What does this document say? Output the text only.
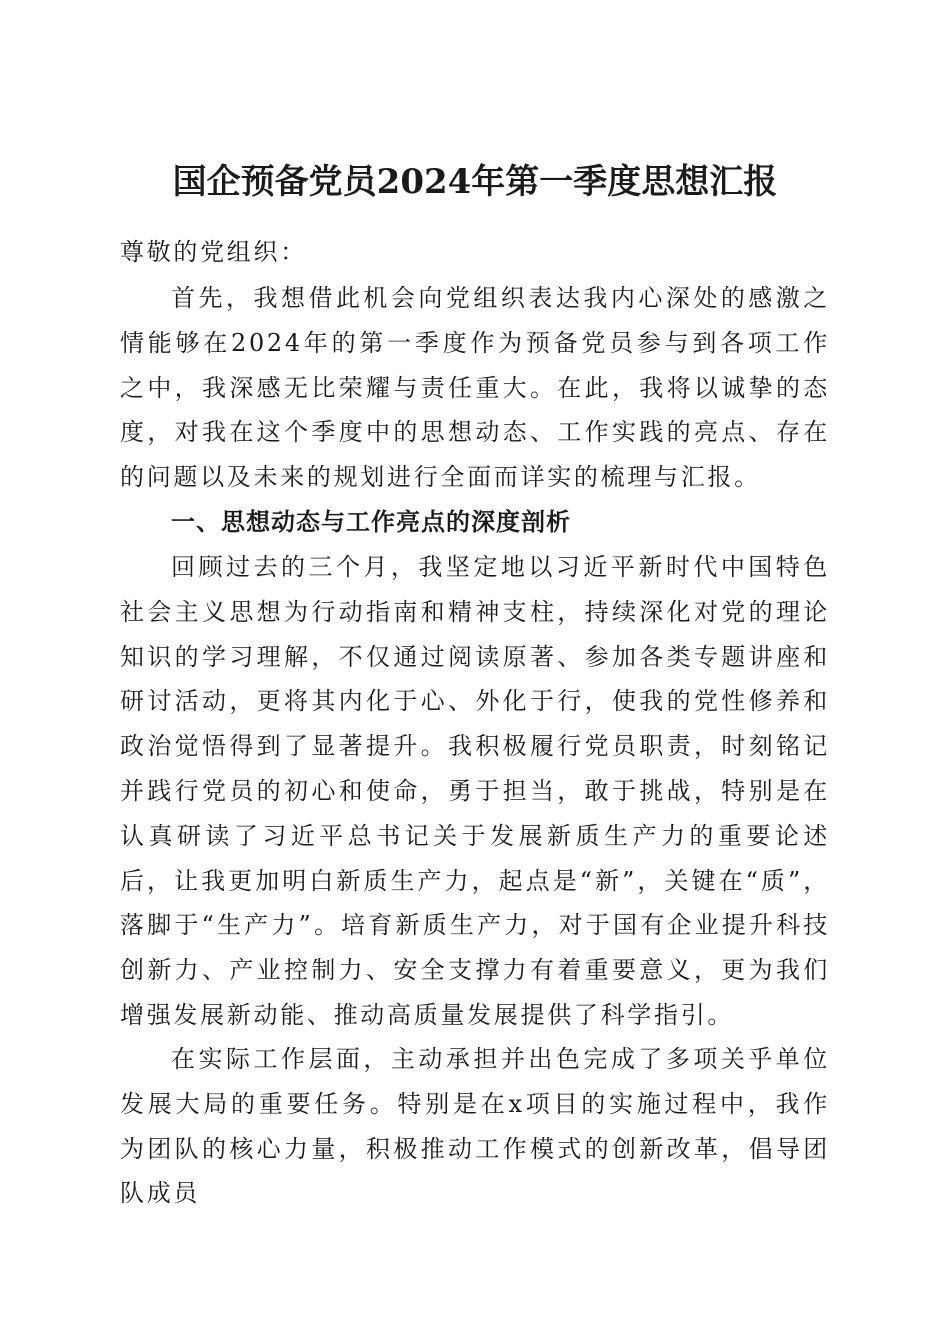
国企预备党员2024年第一季度思想汇报

尊敬的党组织：

首先，我想借此机会向党组织表达我内心深处的感激之情能够在2024年的第一季度作为预备党员参与到各项工作之中，我深感无比荣耀与责任重大。在此，我将以诚挚的态度，对我在这个季度中的思想动态、工作实践的亮点、存在的问题以及未来的规划进行全面而详实的梳理与汇报。

一、思想动态与工作亮点的深度剖析

回顾过去的三个月，我坚定地以习近平新时代中国特色社会主义思想为行动指南和精神支柱，持续深化对党的理论知识的学习理解，不仅通过阅读原著、参加各类专题讲座和研讨活动，更将其内化于心、外化于行，使我的党性修养和政治觉悟得到了显著提升。我积极履行党员职责，时刻铭记并践行党员的初心和使命，勇于担当，敢于挑战，特别是在认真研读了习近平总书记关于发展新质生产力的重要论述后，让我更加明白新质生产力，起点是“新”，关键在“质”，落脚于“生产力”。培育新质生产力，对于国有企业提升科技创新力、产业控制力、安全支撑力有着重要意义，更为我们增强发展新动能、推动高质量发展提供了科学指引。

在实际工作层面，主动承担并出色完成了多项关乎单位发展大局的重要任务。特别是在x项目的实施过程中，我作为团队的核心力量，积极推动工作模式的创新改革，倡导团队成员
